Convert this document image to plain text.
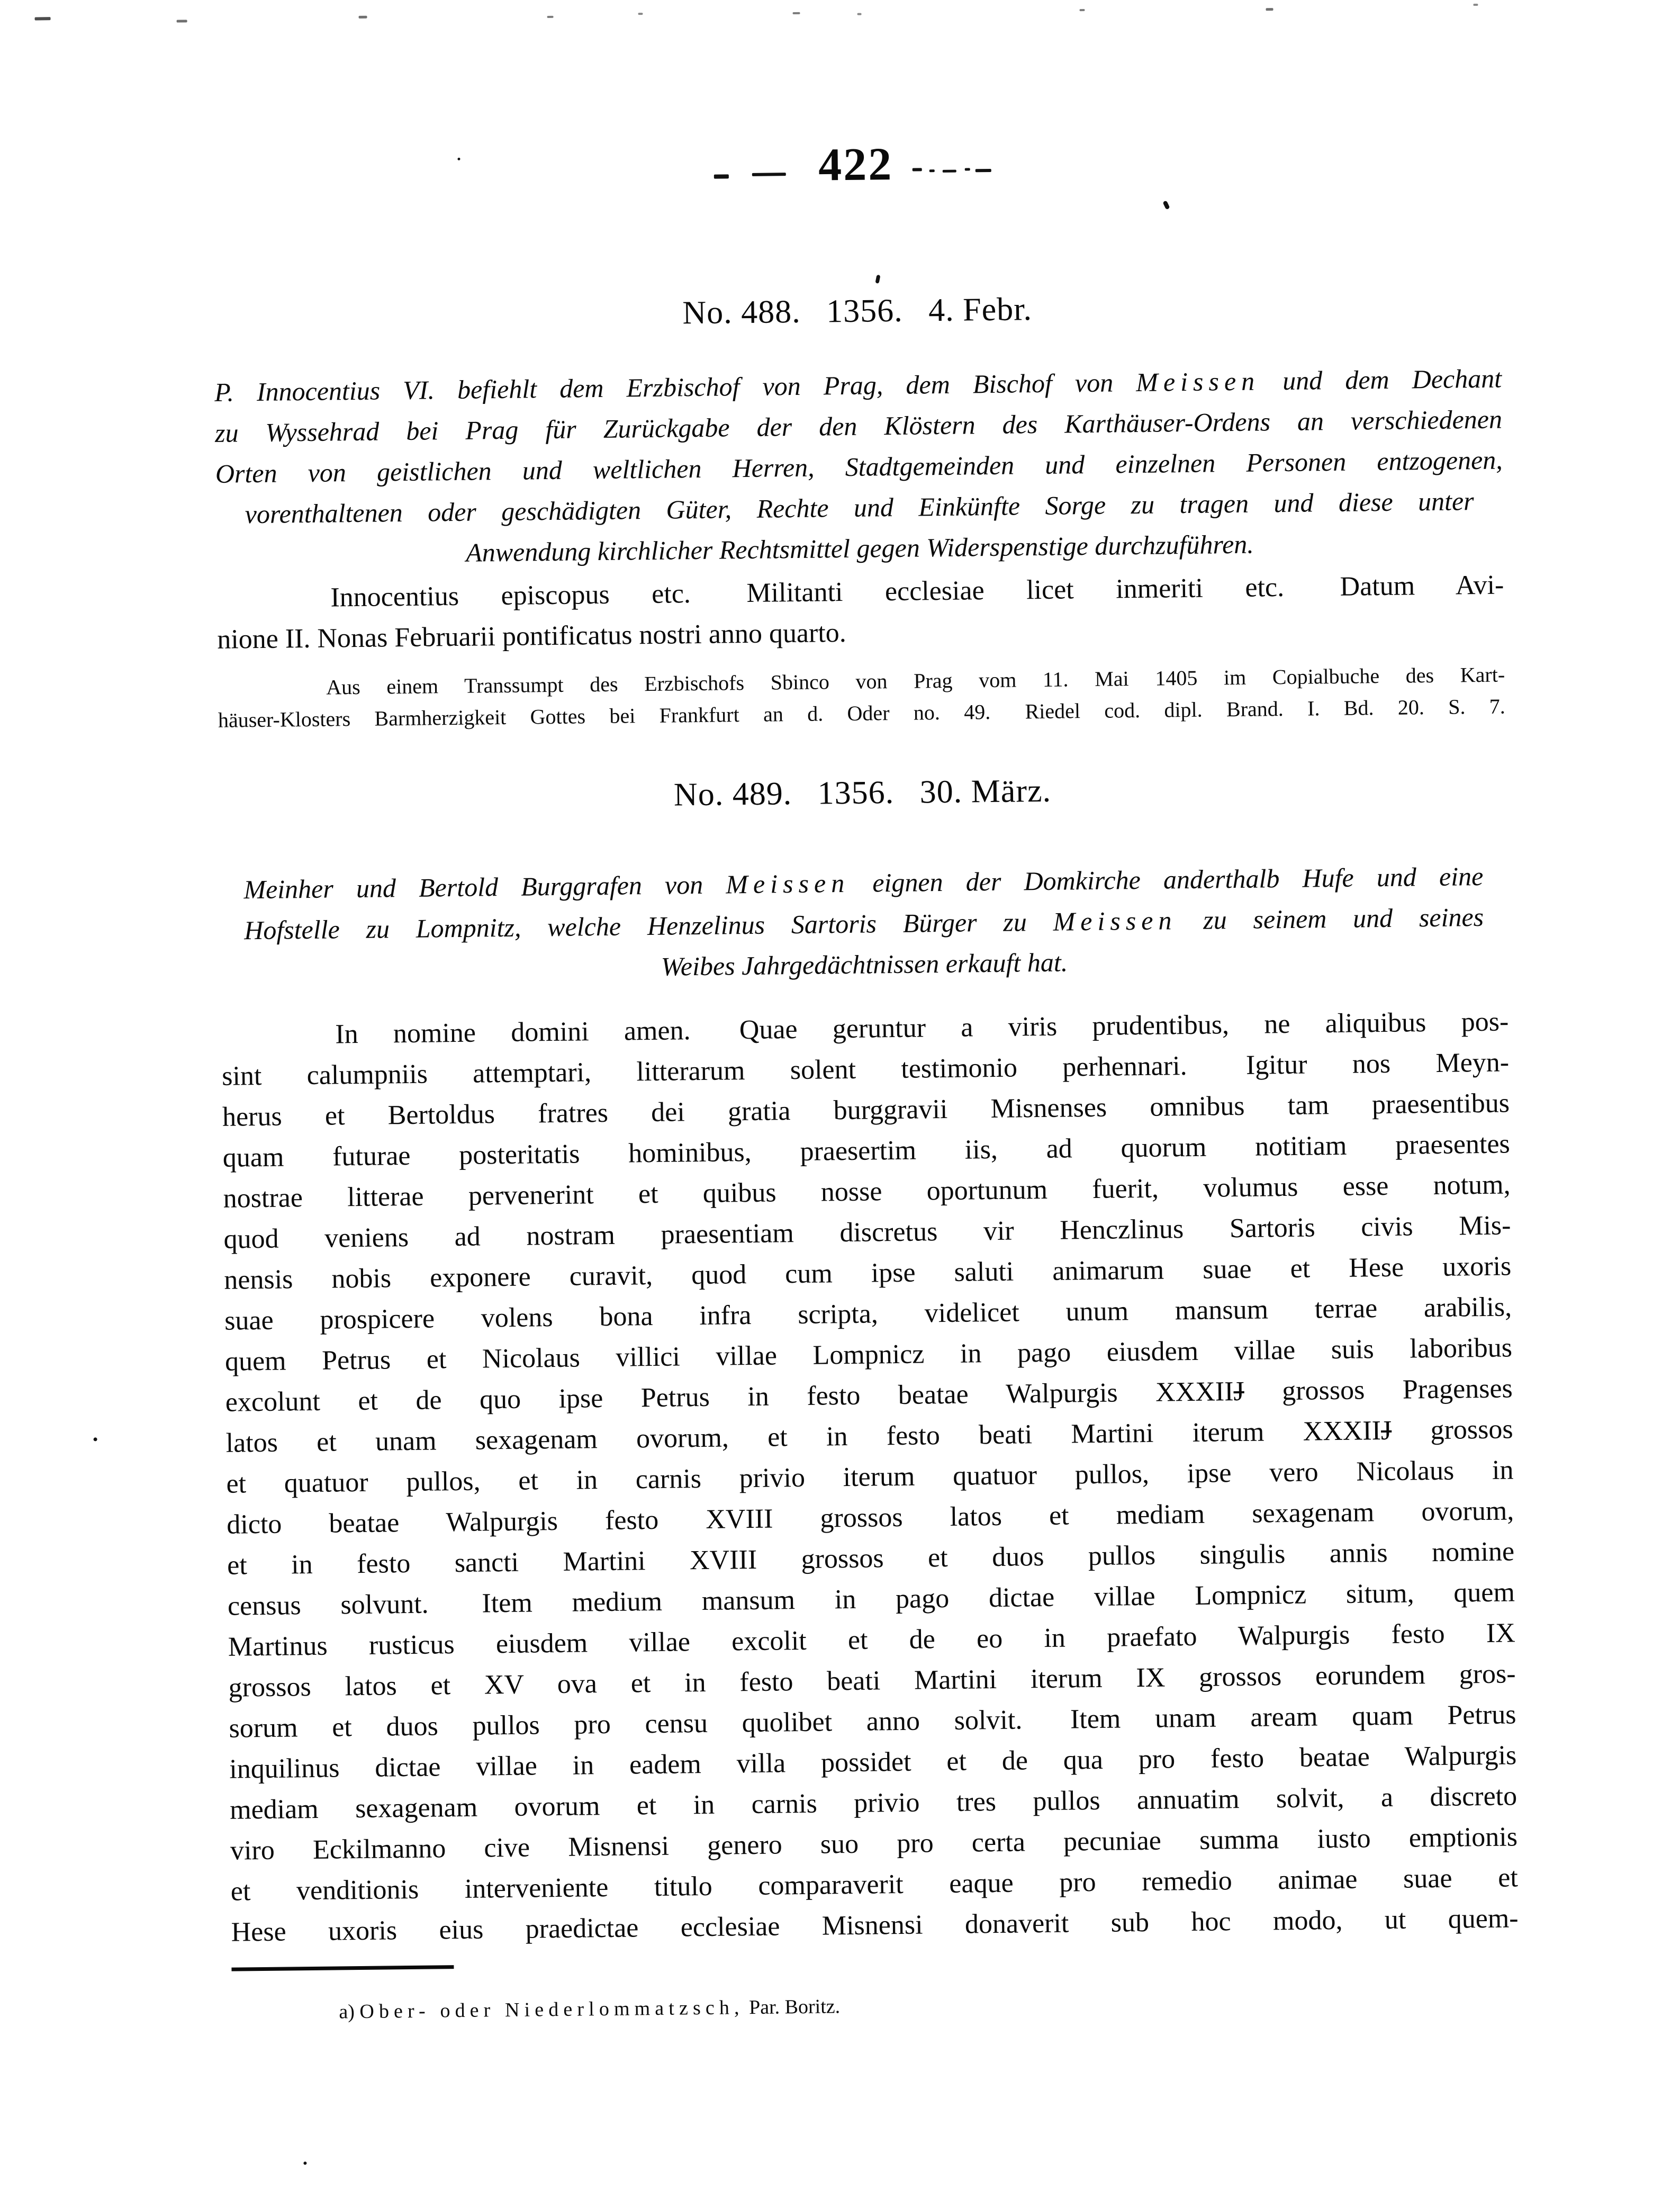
422
No. 488.  1356.  4. Febr.
P. Innocentius VI. befiehlt dem Erzbischof von Prag, dem Bischof von Meissen und dem Dechant
zu Wyssehrad bei Prag für Zurückgabe der den Klöstern des Karthäuser-Ordens an verschiedenen
Orten von geistlichen und weltlichen Herren, Stadtgemeinden und einzelnen Personen entzogenen,
vorenthaltenen oder geschädigten Güter, Rechte und Einkünfte Sorge zu tragen und diese unter
Anwendung kirchlicher Rechtsmittel gegen Widerspenstige durchzuführen.
Innocentius episcopus etc.  Militanti ecclesiae licet inmeriti etc.  Datum Avi-
nione II. Nonas Februarii pontificatus nostri anno quarto.
Aus einem Transsumpt des Erzbischofs Sbinco von Prag vom 11. Mai 1405 im Copialbuche des Kart-
häuser-Klosters Barmherzigkeit Gottes bei Frankfurt an d. Oder no. 49.  Riedel cod. dipl. Brand. I. Bd. 20. S. 7.
No. 489.  1356.  30. März.
Meinher und Bertold Burggrafen von Meissen eignen der Domkirche anderthalb Hufe und eine
Hofstelle zu Lompnitz, welche Henzelinus Sartoris Bürger zu Meissen zu seinem und seines
Weibes Jahrgedächtnissen erkauft hat.
In nomine domini amen.  Quae geruntur a viris prudentibus, ne aliquibus pos-
sint calumpniis attemptari, litterarum solent testimonio perhennari.  Igitur nos Meyn-
herus et Bertoldus fratres dei gratia burggravii Misnenses omnibus tam praesentibus
quam futurae posteritatis hominibus, praesertim iis, ad quorum notitiam praesentes
nostrae litterae pervenerint et quibus nosse oportunum fuerit, volumus esse notum,
quod veniens ad nostram praesentiam discretus vir Henczlinus Sartoris civis Mis-
nensis nobis exponere curavit, quod cum ipse saluti animarum suae et Hese uxoris
suae prospicere volens bona infra scripta, videlicet unum mansum terrae arabilis,
quem Petrus et Nicolaus villici villae Lompnicz in pago eiusdem villae suis laboribus
excolunt et de quo ipse Petrus in festo beatae Walpurgis XXXIIJ grossos Pragenses
latos et unam sexagenam ovorum, et in festo beati Martini iterum XXXIIJ grossos
et quatuor pullos, et in carnis privio iterum quatuor pullos, ipse vero Nicolaus in
dicto beatae Walpurgis festo XVIII grossos latos et mediam sexagenam ovorum,
et in festo sancti Martini XVIII grossos et duos pullos singulis annis nomine
census solvunt.  Item medium mansum in pago dictae villae Lompnicz situm, quem
Martinus rusticus eiusdem villae excolit et de eo in praefato Walpurgis festo IX
grossos latos et XV ova et in festo beati Martini iterum IX grossos eorundem gros-
sorum et duos pullos pro censu quolibet anno solvit.  Item unam aream quam Petrus
inquilinus dictae villae in eadem villa possidet et de qua pro festo beatae Walpurgis
mediam sexagenam ovorum et in carnis privio tres pullos annuatim solvit, a discreto
viro Eckilmanno cive Misnensi genero suo pro certa pecuniae summa iusto emptionis
et venditionis interveniente titulo comparaverit eaque pro remedio animae suae et
Hese uxoris eius praedictae ecclesiae Misnensi donaverit sub hoc modo, ut quem-
a) Ober- oder Niederlommatzsch, Par. Boritz.
